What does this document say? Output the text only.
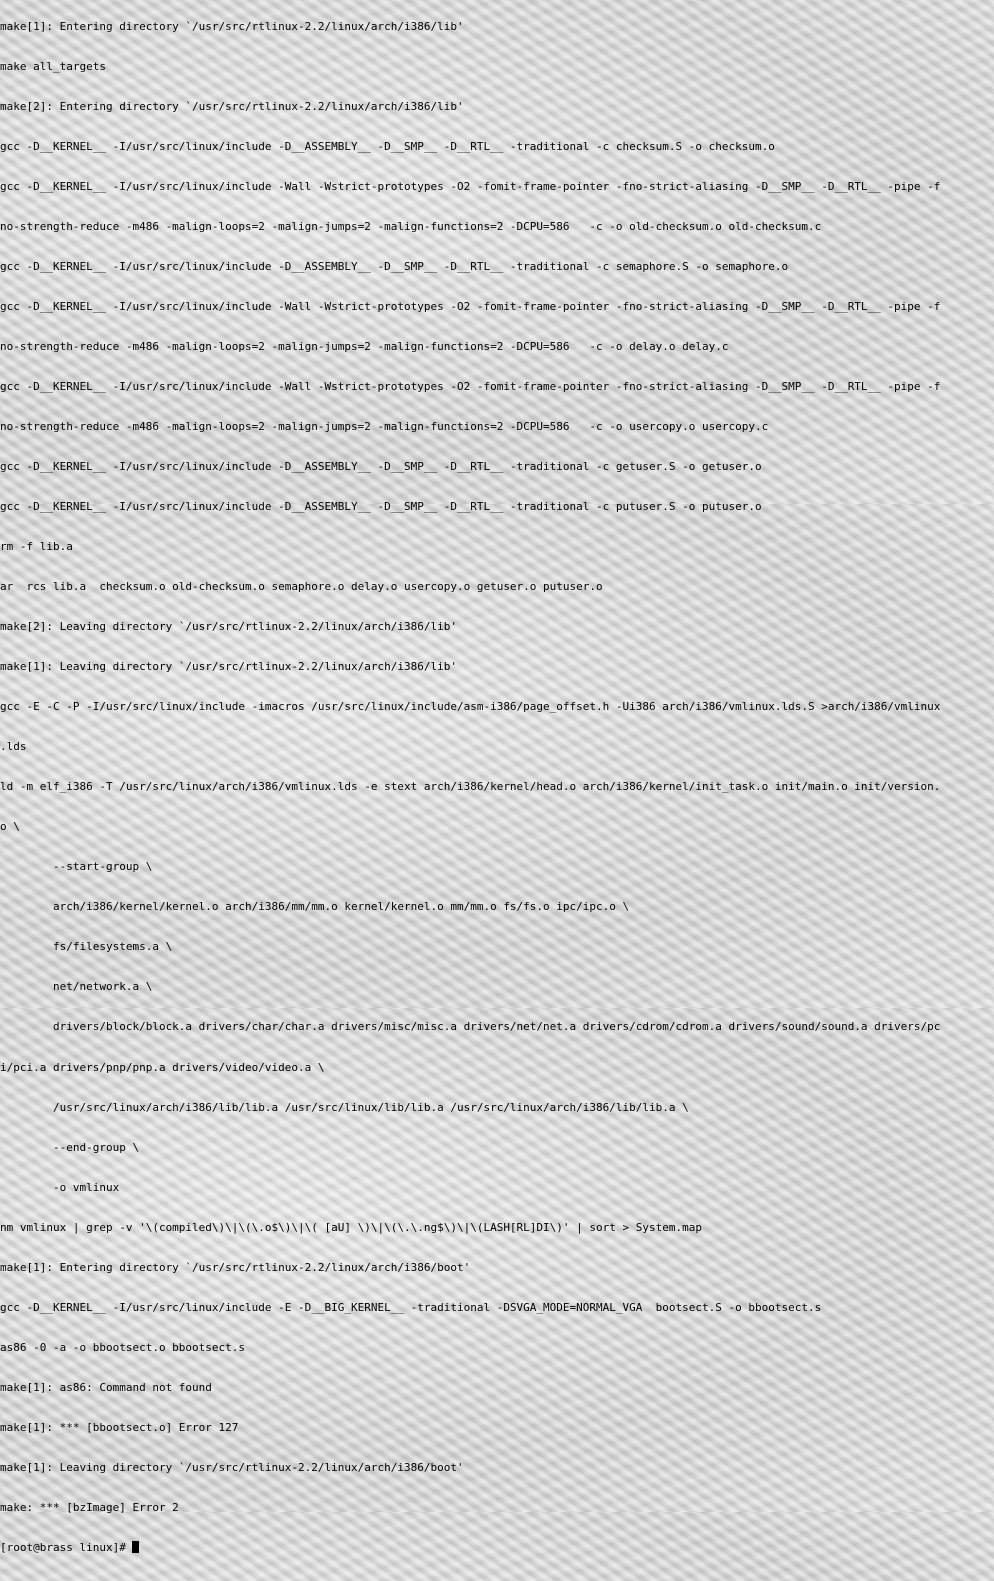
make[1]: Entering directory `/usr/src/rtlinux-2.2/linux/arch/i386/lib'

make all_targets

make[2]: Entering directory `/usr/src/rtlinux-2.2/linux/arch/i386/lib'

gcc -D__KERNEL__ -I/usr/src/linux/include -D__ASSEMBLY__ -D__SMP__ -D__RTL__ -traditional -c checksum.S -o checksum.o

gcc -D__KERNEL__ -I/usr/src/linux/include -Wall -Wstrict-prototypes -O2 -fomit-frame-pointer -fno-strict-aliasing -D__SMP__ -D__RTL__ -pipe -f

no-strength-reduce -m486 -malign-loops=2 -malign-jumps=2 -malign-functions=2 -DCPU=586   -c -o old-checksum.o old-checksum.c

gcc -D__KERNEL__ -I/usr/src/linux/include -D__ASSEMBLY__ -D__SMP__ -D__RTL__ -traditional -c semaphore.S -o semaphore.o

gcc -D__KERNEL__ -I/usr/src/linux/include -Wall -Wstrict-prototypes -O2 -fomit-frame-pointer -fno-strict-aliasing -D__SMP__ -D__RTL__ -pipe -f

no-strength-reduce -m486 -malign-loops=2 -malign-jumps=2 -malign-functions=2 -DCPU=586   -c -o delay.o delay.c

gcc -D__KERNEL__ -I/usr/src/linux/include -Wall -Wstrict-prototypes -O2 -fomit-frame-pointer -fno-strict-aliasing -D__SMP__ -D__RTL__ -pipe -f

no-strength-reduce -m486 -malign-loops=2 -malign-jumps=2 -malign-functions=2 -DCPU=586   -c -o usercopy.o usercopy.c

gcc -D__KERNEL__ -I/usr/src/linux/include -D__ASSEMBLY__ -D__SMP__ -D__RTL__ -traditional -c getuser.S -o getuser.o

gcc -D__KERNEL__ -I/usr/src/linux/include -D__ASSEMBLY__ -D__SMP__ -D__RTL__ -traditional -c putuser.S -o putuser.o

rm -f lib.a

ar  rcs lib.a  checksum.o old-checksum.o semaphore.o delay.o usercopy.o getuser.o putuser.o

make[2]: Leaving directory `/usr/src/rtlinux-2.2/linux/arch/i386/lib'

make[1]: Leaving directory `/usr/src/rtlinux-2.2/linux/arch/i386/lib'

gcc -E -C -P -I/usr/src/linux/include -imacros /usr/src/linux/include/asm-i386/page_offset.h -Ui386 arch/i386/vmlinux.lds.S >arch/i386/vmlinux

.lds

ld -m elf_i386 -T /usr/src/linux/arch/i386/vmlinux.lds -e stext arch/i386/kernel/head.o arch/i386/kernel/init_task.o init/main.o init/version.

o \

--start-group \

arch/i386/kernel/kernel.o arch/i386/mm/mm.o kernel/kernel.o mm/mm.o fs/fs.o ipc/ipc.o \

fs/filesystems.a \

net/network.a \

drivers/block/block.a drivers/char/char.a drivers/misc/misc.a drivers/net/net.a drivers/cdrom/cdrom.a drivers/sound/sound.a drivers/pc

i/pci.a drivers/pnp/pnp.a drivers/video/video.a \

/usr/src/linux/arch/i386/lib/lib.a /usr/src/linux/lib/lib.a /usr/src/linux/arch/i386/lib/lib.a \

--end-group \

-o vmlinux

nm vmlinux | grep -v '\(compiled\)\|\(\.o$\)\|\( [aU] \)\|\(\.\.ng$\)\|\(LASH[RL]DI\)' | sort > System.map

make[1]: Entering directory `/usr/src/rtlinux-2.2/linux/arch/i386/boot'

gcc -D__KERNEL__ -I/usr/src/linux/include -E -D__BIG_KERNEL__ -traditional -DSVGA_MODE=NORMAL_VGA  bootsect.S -o bbootsect.s

as86 -0 -a -o bbootsect.o bbootsect.s

make[1]: as86: Command not found

make[1]: *** [bbootsect.o] Error 127

make[1]: Leaving directory `/usr/src/rtlinux-2.2/linux/arch/i386/boot'

make: *** [bzImage] Error 2

[root@brass linux]#
